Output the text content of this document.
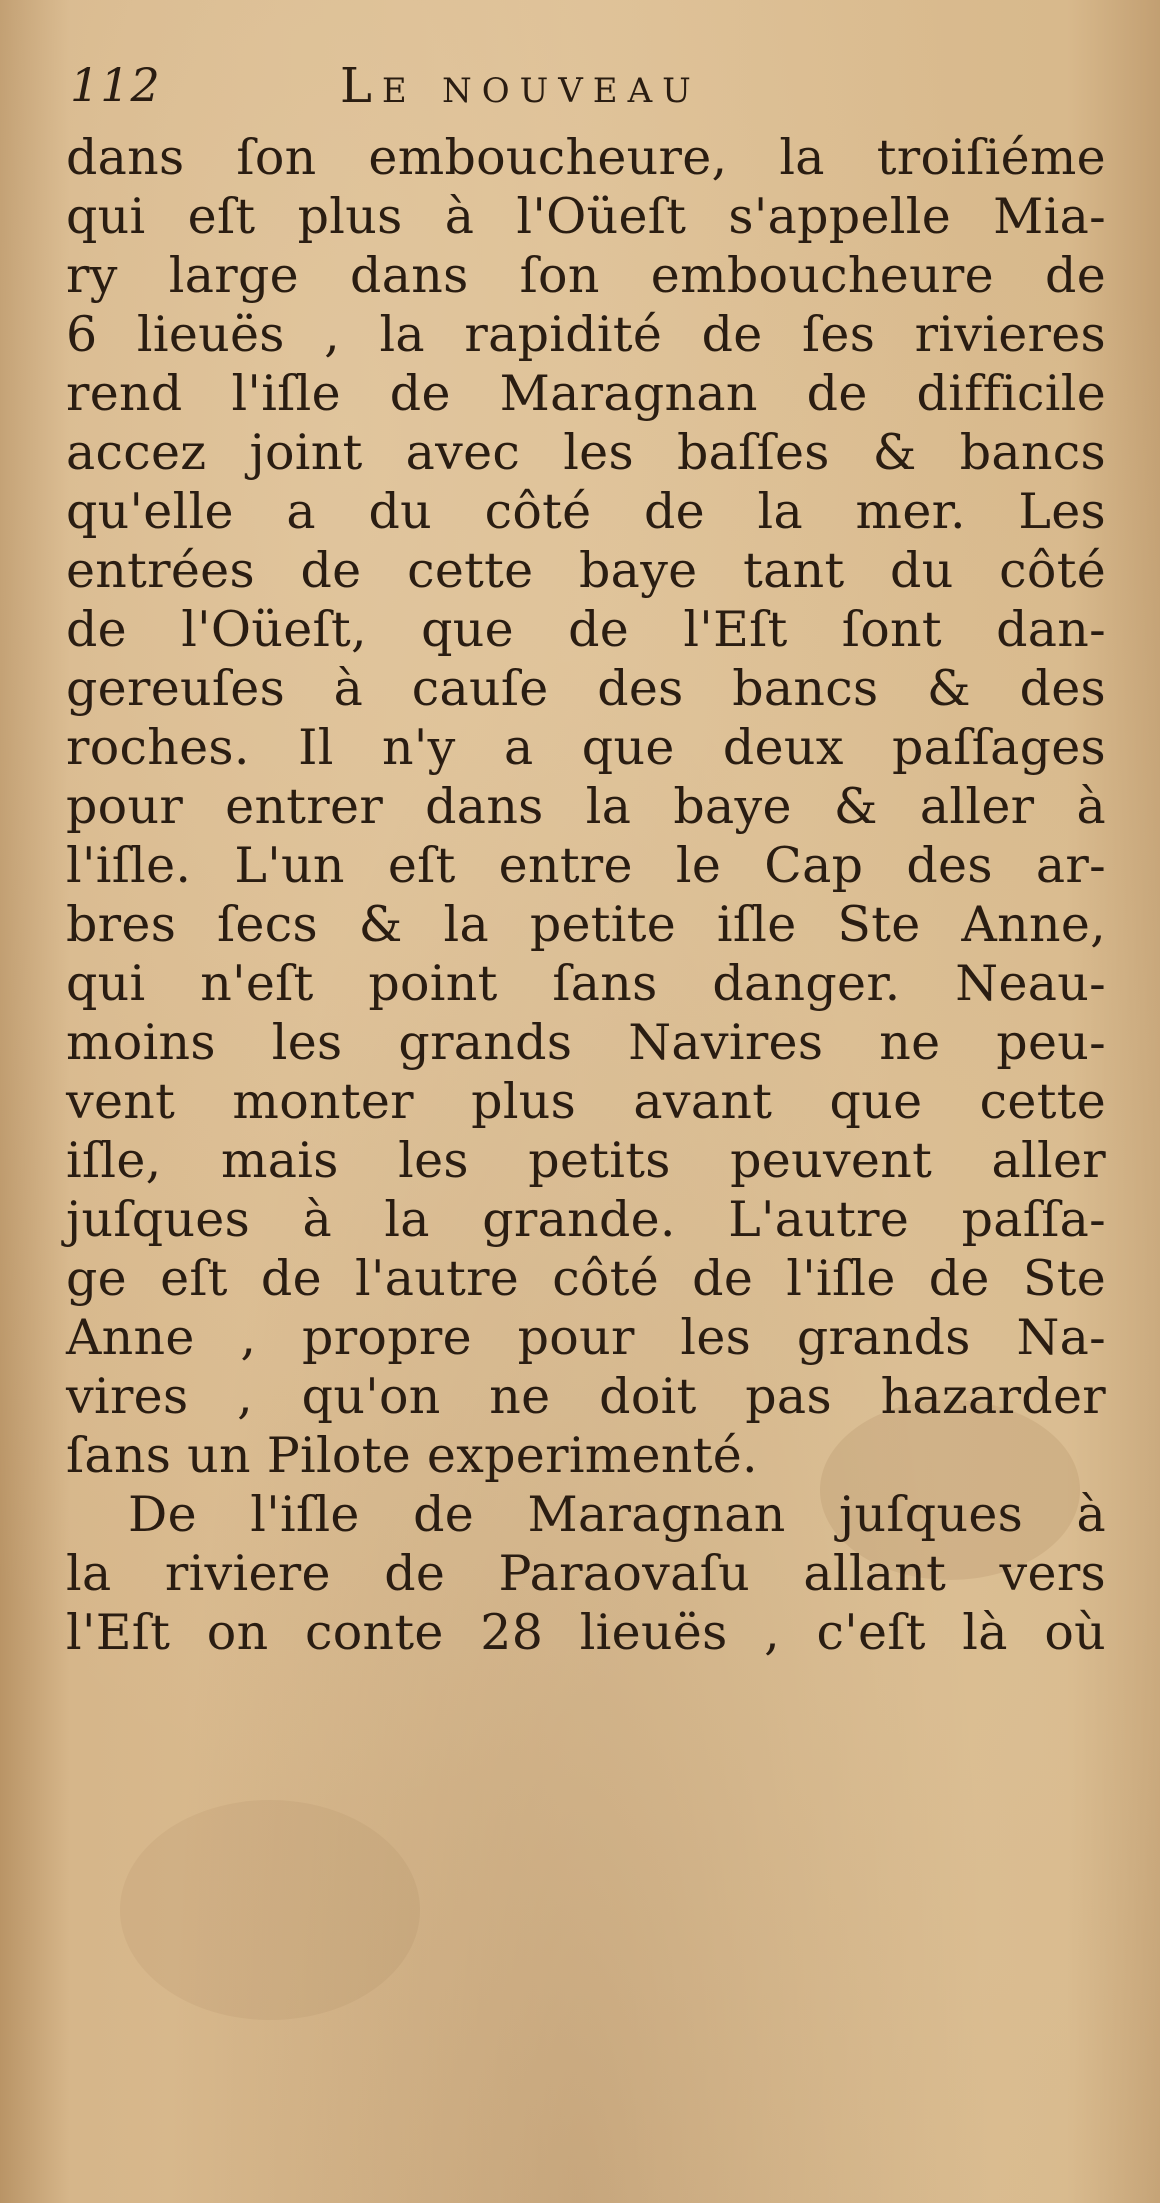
112	Le nouveau
dans ſon emboucheure, la troiſiéme
qui eſt plus à l'Oüeſt s'appelle Mia-
ry large dans ſon emboucheure de
6 lieuës , la rapidité de ſes rivieres
rend l'iſle de Maragnan de difficile
accez joint avec les baſſes & bancs
qu'elle a du côté de la mer. Les
entrées de cette baye tant du côté
de l'Oüeſt, que de l'Eſt ſont dan-
gereuſes à cauſe des bancs & des
roches. Il n'y a que deux paſſages
pour entrer dans la baye & aller à
l'iſle. L'un eſt entre le Cap des ar-
bres ſecs & la petite iſle Ste Anne,
qui n'eſt point ſans danger. Neau-
moins les grands Navires ne peu-
vent monter plus avant que cette
iſle, mais les petits peuvent aller
juſques à la grande. L'autre paſſa-
ge eſt de l'autre côté de l'iſle de Ste
Anne , propre pour les grands Na-
vires , qu'on ne doit pas hazarder
ſans un Pilote experimenté.
De l'iſle de Maragnan juſques à
la riviere de Paraovaſu allant vers
l'Eſt on conte 28 lieuës , c'eſt là où
